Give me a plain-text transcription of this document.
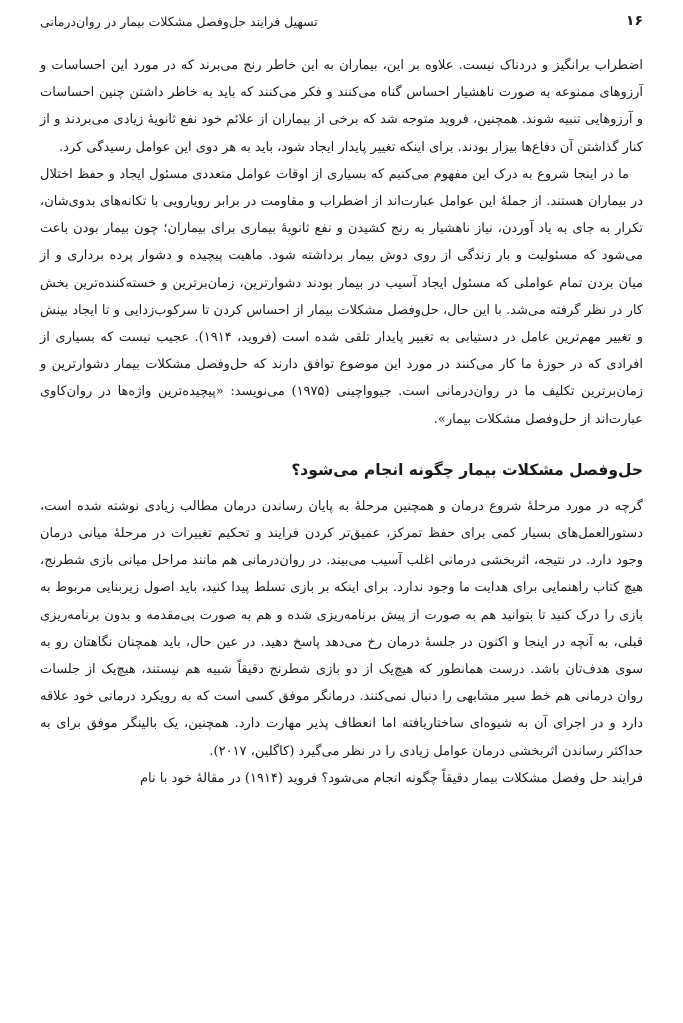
۱۶
تسهیل فرایند حل‌وفصل مشکلات بیمار در روان‌درمانی

اضطراب برانگیز و دردناک نیست. علاوه بر این، بیماران به این خاطر رنج می‌برند که در مورد این احساسات و آرزوهای ممنوعه به صورت ناهشیار احساس گناه می‌کنند و فکر می‌کنند که باید به خاطر داشتن چنین احساسات و آرزوهایی تنبیه شوند. همچنین، فروید متوجه شد که برخی از بیماران از علائم خود نفع ثانویهٔ زیادی می‌بردند و از کنار گذاشتن آن دفاع‌ها بیزار بودند. برای اینکه تغییر پایدار ایجاد شود، باید به هر دوی این عوامل رسیدگی کرد.

ما در اینجا شروع به درک این مفهوم می‌کنیم که بسیاری از اوقات عوامل متعددی مسئول ایجاد و حفظ اختلال در بیماران هستند. از جملهٔ این عوامل عبارت‌اند از اضطراب و مقاومت در برابر رویارویی با تکانه‌های بدوی‌شان، تکرار به جای به یاد آوردن، نیاز ناهشیار به رنج کشیدن و نفع ثانویهٔ بیماری برای بیماران؛ چون بیمار بودن باعث می‌شود که مسئولیت و بار زندگی از روی دوش بیمار برداشته شود. ماهیت پیچیده و دشوار پرده برداری و از میان بردن تمام عواملی که مسئول ایجاد آسیب در بیمار بودند دشوارترین، زمان‌برترین و خسته‌کننده‌ترین بخش کار در نظر گرفته می‌شد. با این حال، حل‌وفصل مشکلات بیمار از احساس کردن تا سرکوب‌زدایی و تا ایجاد بینش و تغییر مهم‌ترین عامل در دستیابی به تغییر پایدار تلقی شده است (فروید، ۱۹۱۴). عجیب نیست که بسیاری از افرادی که در حوزهٔ ما کار می‌کنند در مورد این موضوع توافق دارند که حل‌وفصل مشکلات بیمار دشوارترین و زمان‌برترین تکلیف ما در روان‌درمانی است. جیوواچینی (۱۹۷۵) می‌نویسد: «پیچیده‌ترین واژه‌ها در روان‌کاوی عبارت‌اند از حل‌وفصل مشکلات بیمار».

حل‌وفصل مشکلات بیمار چگونه انجام می‌شود؟

گرچه در مورد مرحلهٔ شروع درمان و همچنین مرحلهٔ به پایان رساندن درمان مطالب زیادی نوشته شده است، دستورالعمل‌های بسیار کمی برای حفظ تمرکز، عمیق‌تر کردن فرایند و تحکیم تغییرات در مرحلهٔ میانی درمان وجود دارد. در نتیجه، اثربخشی درمانی اغلب آسیب می‌بیند. در روان‌درمانی هم مانند مراحل میانی بازی شطرنج، هیچ کتاب راهنمایی برای هدایت ما وجود ندارد. برای اینکه بر بازی تسلط پیدا کنید، باید اصول زیربنایی مربوط به بازی را درک کنید تا بتوانید هم به صورت از پیش برنامه‌ریزی شده و هم به صورت بی‌مقدمه و بدون برنامه‌ریزی قبلی، به آنچه در اینجا و اکنون در جلسهٔ درمان رخ می‌دهد پاسخ دهید. در عین حال، باید همچنان نگاهتان رو به سوی هدف‌تان باشد. درست همانطور که هیچ‌یک از دو بازی شطرنج دقیقاً شبیه هم نیستند، هیچ‌یک از جلسات روان درمانی هم خط سیر مشابهی را دنبال نمی‌کنند. درمانگر موفق کسی است که به رویکرد درمانی خود علاقه دارد و در اجرای آن به شیوه‌ای ساختاریافته اما انعطاف پذیر مهارت دارد. همچنین، یک بالینگر موفق برای به حداکثر رساندن اثربخشی درمان عوامل زیادی را در نظر می‌گیرد (کاگلین، ۲۰۱۷).

فرایند حل وفصل مشکلات بیمار دقیقاً چگونه انجام می‌شود؟ فروید (۱۹۱۴) در مقالهٔ خود با نام
